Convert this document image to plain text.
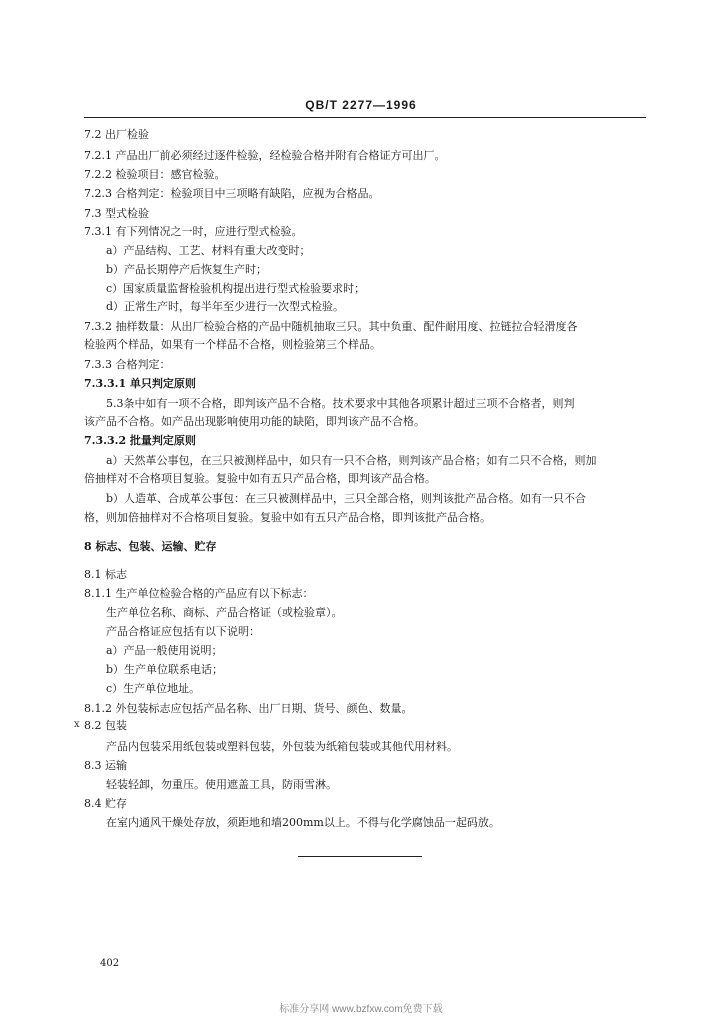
QB/T 2277—1996
7.2 出厂检验
7.2.1 产品出厂前必须经过逐件检验，经检验合格并附有合格证方可出厂。
7.2.2 检验项目：感官检验。
7.2.3 合格判定：检验项目中三项略有缺陷，应视为合格品。
7.3 型式检验
7.3.1 有下列情况之一时，应进行型式检验。
a）产品结构、工艺、材料有重大改变时；
b）产品长期停产后恢复生产时；
c）国家质量监督检验机构提出进行型式检验要求时；
d）正常生产时，每半年至少进行一次型式检验。
7.3.2 抽样数量：从出厂检验合格的产品中随机抽取三只。其中负重、配件耐用度、拉链拉合轻滑度各
检验两个样品，如果有一个样品不合格，则检验第三个样品。
7.3.3 合格判定：
7.3.3.1 单只判定原则
5.3条中如有一项不合格，即判该产品不合格。技术要求中其他各项累计超过三项不合格者，则判
该产品不合格。如产品出现影响使用功能的缺陷，即判该产品不合格。
7.3.3.2 批量判定原则
a）天然革公事包，在三只被测样品中，如只有一只不合格，则判该产品合格；如有二只不合格，则加
倍抽样对不合格项目复验。复验中如有五只产品合格，即判该产品合格。
b）人造革、合成革公事包：在三只被测样品中，三只全部合格，则判该批产品合格。如有一只不合
格，则加倍抽样对不合格项目复验。复验中如有五只产品合格，即判该批产品合格。
8 标志、包装、运输、贮存
8.1 标志
8.1.1 生产单位检验合格的产品应有以下标志：
生产单位名称、商标、产品合格证（或检验章）。
产品合格证应包括有以下说明：
a）产品一般使用说明；
b）生产单位联系电话；
c）生产单位地址。
8.1.2 外包装标志应包括产品名称、出厂日期、货号、颜色、数量。
x 8.2 包装
产品内包装采用纸包装或塑料包装，外包装为纸箱包装或其他代用材料。
8.3 运输
轻装轻卸，勿重压。使用遮盖工具，防雨雪淋。
8.4 贮存
在室内通风干燥处存放，须距地和墙200mm以上。不得与化学腐蚀品一起码放。
402
标准分享网 www.bzfxw.com免费下载
